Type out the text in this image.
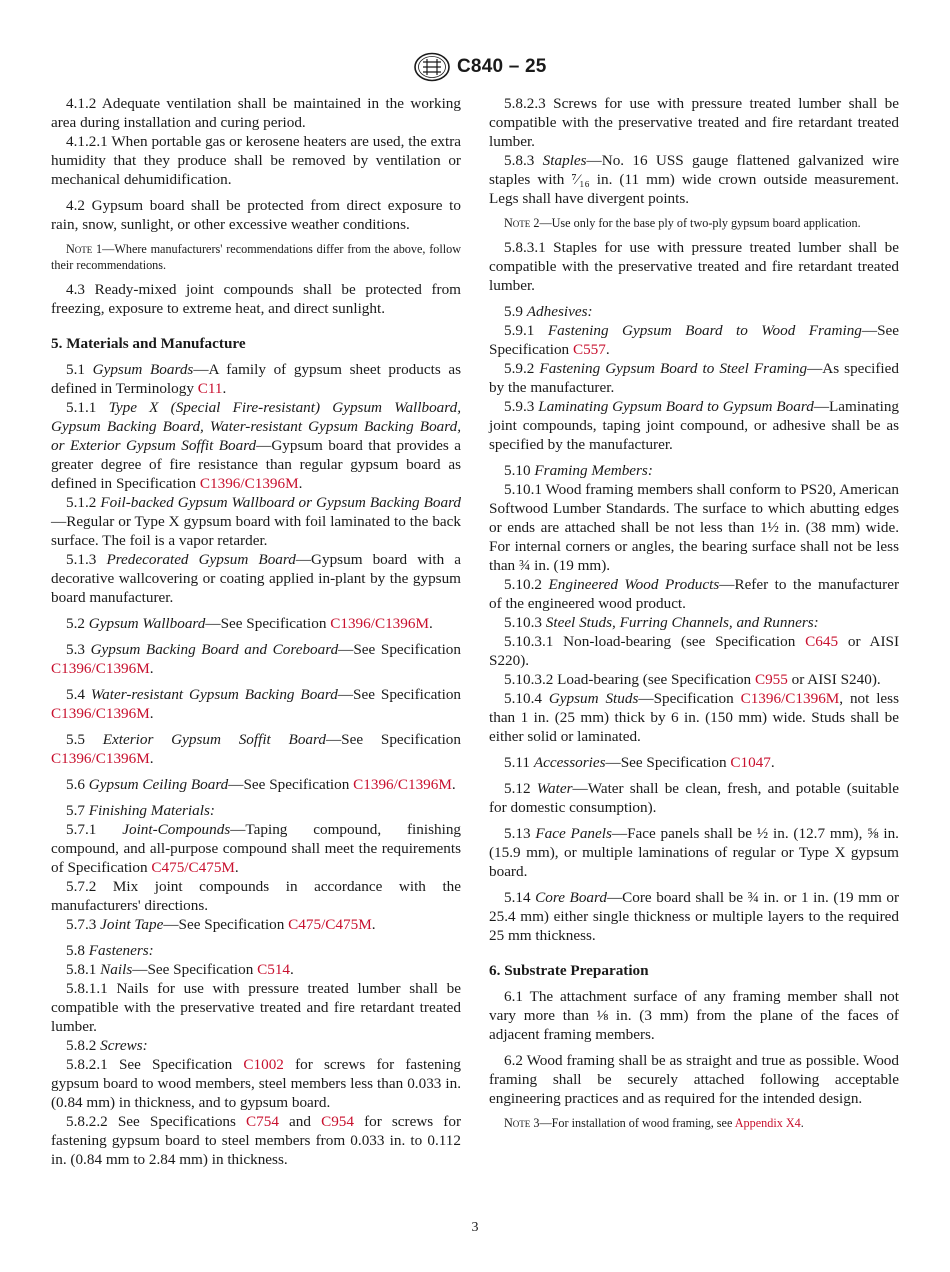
C840 – 25

4.1.2 Adequate ventilation shall be maintained in the working area during installation and curing period.

4.1.2.1 When portable gas or kerosene heaters are used, the extra humidity that they produce shall be removed by ventilation or mechanical dehumidification.

4.2 Gypsum board shall be protected from direct exposure to rain, snow, sunlight, or other excessive weather conditions.

Note 1—Where manufacturers' recommendations differ from the above, follow their recommendations.

4.3 Ready-mixed joint compounds shall be protected from freezing, exposure to extreme heat, and direct sunlight.

5. Materials and Manufacture

5.1 Gypsum Boards—A family of gypsum sheet products as defined in Terminology C11.

5.1.1 Type X (Special Fire-resistant) Gypsum Wallboard, Gypsum Backing Board, Water-resistant Gypsum Backing Board, or Exterior Gypsum Soffit Board—Gypsum board that provides a greater degree of fire resistance than regular gypsum board as defined in Specification C1396/C1396M.

5.1.2 Foil-backed Gypsum Wallboard or Gypsum Backing Board—Regular or Type X gypsum board with foil laminated to the back surface. The foil is a vapor retarder.

5.1.3 Predecorated Gypsum Board—Gypsum board with a decorative wallcovering or coating applied in-plant by the gypsum board manufacturer.

5.2 Gypsum Wallboard—See Specification C1396/C1396M.

5.3 Gypsum Backing Board and Coreboard—See Specification C1396/C1396M.

5.4 Water-resistant Gypsum Backing Board—See Specification C1396/C1396M.

5.5 Exterior Gypsum Soffit Board—See Specification C1396/C1396M.

5.6 Gypsum Ceiling Board—See Specification C1396/C1396M.

5.7 Finishing Materials:

5.7.1 Joint-Compounds—Taping compound, finishing compound, and all-purpose compound shall meet the requirements of Specification C475/C475M.

5.7.2 Mix joint compounds in accordance with the manufacturers' directions.

5.7.3 Joint Tape—See Specification C475/C475M.

5.8 Fasteners:

5.8.1 Nails—See Specification C514.

5.8.1.1 Nails for use with pressure treated lumber shall be compatible with the preservative treated and fire retardant treated lumber.

5.8.2 Screws:

5.8.2.1 See Specification C1002 for screws for fastening gypsum board to wood members, steel members less than 0.033 in. (0.84 mm) in thickness, and to gypsum board.

5.8.2.2 See Specifications C754 and C954 for screws for fastening gypsum board to steel members from 0.033 in. to 0.112 in. (0.84 mm to 2.84 mm) in thickness.

5.8.2.3 Screws for use with pressure treated lumber shall be compatible with the preservative treated and fire retardant treated lumber.

5.8.3 Staples—No. 16 USS gauge flattened galvanized wire staples with ⁷⁄₁₆ in. (11 mm) wide crown outside measurement. Legs shall have divergent points.

Note 2—Use only for the base ply of two-ply gypsum board application.

5.8.3.1 Staples for use with pressure treated lumber shall be compatible with the preservative treated and fire retardant treated lumber.

5.9 Adhesives:

5.9.1 Fastening Gypsum Board to Wood Framing—See Specification C557.

5.9.2 Fastening Gypsum Board to Steel Framing—As specified by the manufacturer.

5.9.3 Laminating Gypsum Board to Gypsum Board—Laminating joint compounds, taping joint compound, or adhesive shall be as specified by the manufacturer.

5.10 Framing Members:

5.10.1 Wood framing members shall conform to PS20, American Softwood Lumber Standards. The surface to which abutting edges or ends are attached shall be not less than 1½ in. (38 mm) wide. For internal corners or angles, the bearing surface shall not be less than ¾ in. (19 mm).

5.10.2 Engineered Wood Products—Refer to the manufacturer of the engineered wood product.

5.10.3 Steel Studs, Furring Channels, and Runners:

5.10.3.1 Non-load-bearing (see Specification C645 or AISI S220).

5.10.3.2 Load-bearing (see Specification C955 or AISI S240).

5.10.4 Gypsum Studs—Specification C1396/C1396M, not less than 1 in. (25 mm) thick by 6 in. (150 mm) wide. Studs shall be either solid or laminated.

5.11 Accessories—See Specification C1047.

5.12 Water—Water shall be clean, fresh, and potable (suitable for domestic consumption).

5.13 Face Panels—Face panels shall be ½ in. (12.7 mm), ⅝ in. (15.9 mm), or multiple laminations of regular or Type X gypsum board.

5.14 Core Board—Core board shall be ¾ in. or 1 in. (19 mm or 25.4 mm) either single thickness or multiple layers to the required 25 mm thickness.

6. Substrate Preparation

6.1 The attachment surface of any framing member shall not vary more than ⅛ in. (3 mm) from the plane of the faces of adjacent framing members.

6.2 Wood framing shall be as straight and true as possible. Wood framing shall be securely attached following acceptable engineering practices and as required for the intended design.

Note 3—For installation of wood framing, see Appendix X4.

3
